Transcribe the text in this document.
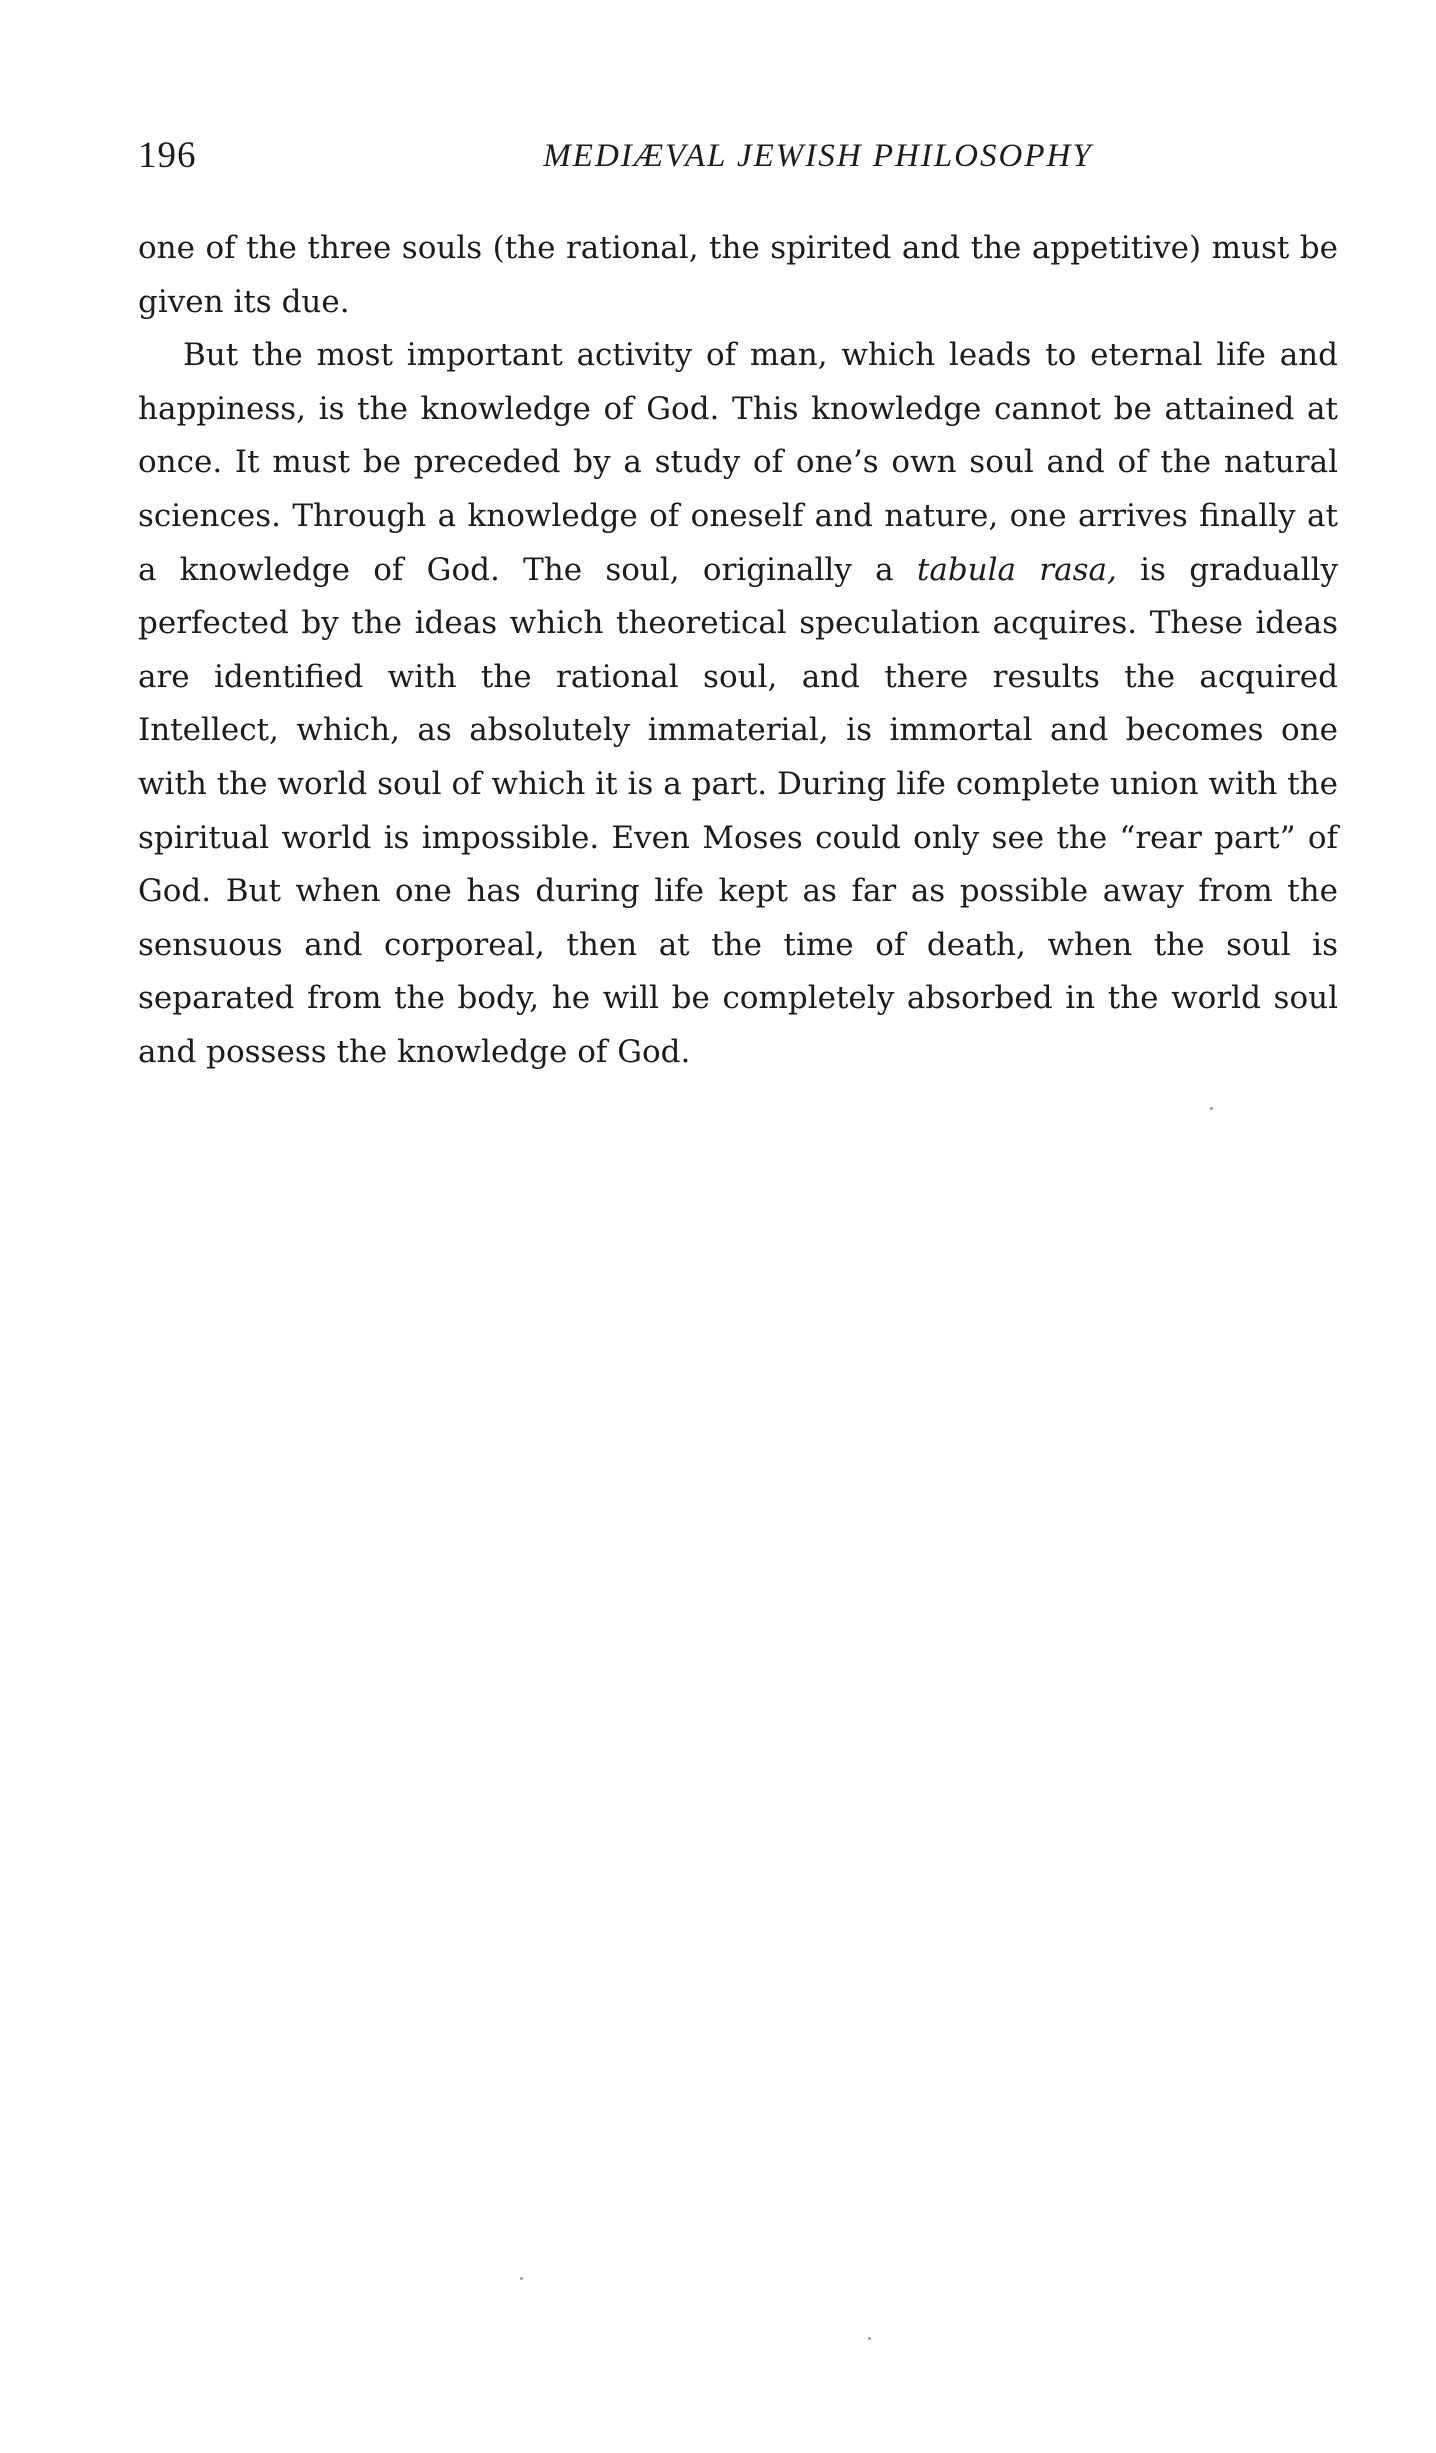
196	MEDIÆVAL JEWISH PHILOSOPHY

one of the three souls (the rational, the spirited and the appetitive) must be given its due.

But the most important activity of man, which leads to eternal life and happiness, is the knowledge of God. This knowledge cannot be attained at once. It must be preceded by a study of one’s own soul and of the natural sciences. Through a knowledge of oneself and nature, one arrives finally at a knowledge of God. The soul, originally a tabula rasa, is gradually perfected by the ideas which theoretical speculation acquires. These ideas are identified with the rational soul, and there results the acquired Intellect, which, as absolutely immaterial, is immortal and becomes one with the world soul of which it is a part. During life complete union with the spiritual world is impossible. Even Moses could only see the “rear part” of God. But when one has during life kept as far as possible away from the sensuous and corporeal, then at the time of death, when the soul is separated from the body, he will be completely absorbed in the world soul and possess the knowledge of God.
